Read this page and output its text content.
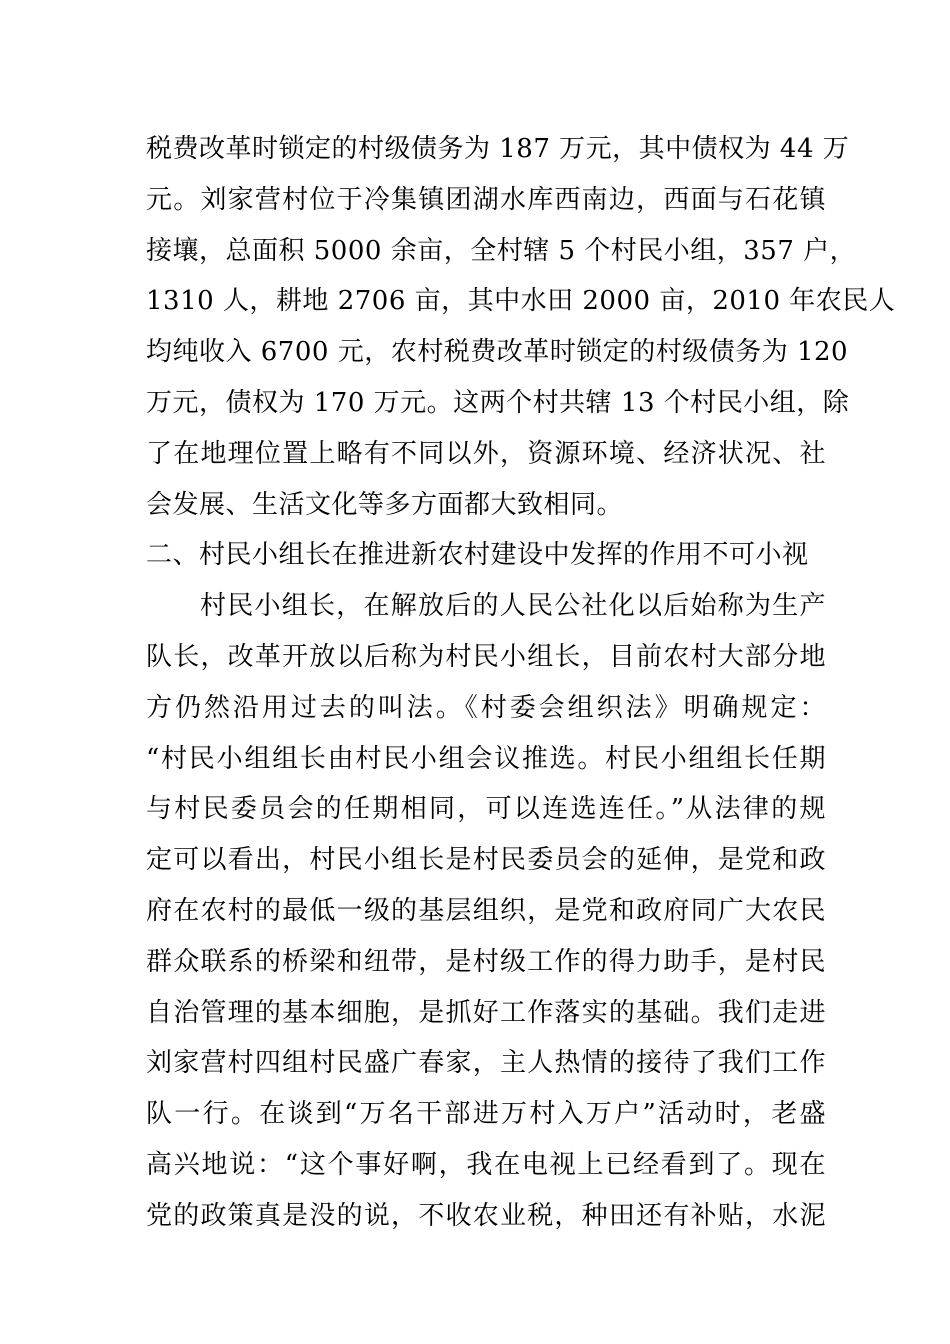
税费改革时锁定的村级债务为 187 万元，其中债权为 44 万
元。刘家营村位于冷集镇团湖水库西南边，西面与石花镇
接壤，总面积 5000 余亩，全村辖 5 个村民小组，357 户，
1310 人，耕地 2706 亩，其中水田 2000 亩，2010 年农民人
均纯收入 6700 元，农村税费改革时锁定的村级债务为 120
万元，债权为 170 万元。这两个村共辖 13 个村民小组，除
了在地理位置上略有不同以外，资源环境、经济状况、社
会发展、生活文化等多方面都大致相同。
二、村民小组长在推进新农村建设中发挥的作用不可小视
村民小组长，在解放后的人民公社化以后始称为生产
队长，改革开放以后称为村民小组长，目前农村大部分地
方仍然沿用过去的叫法。《村委会组织法》明确规定：
“村民小组组长由村民小组会议推选。村民小组组长任期
与村民委员会的任期相同，可以连选连任。”从法律的规
定可以看出，村民小组长是村民委员会的延伸，是党和政
府在农村的最低一级的基层组织，是党和政府同广大农民
群众联系的桥梁和纽带，是村级工作的得力助手，是村民
自治管理的基本细胞，是抓好工作落实的基础。我们走进
刘家营村四组村民盛广春家，主人热情的接待了我们工作
队一行。在谈到“万名干部进万村入万户”活动时，老盛
高兴地说：“这个事好啊，我在电视上已经看到了。现在
党的政策真是没的说，不收农业税，种田还有补贴，水泥
